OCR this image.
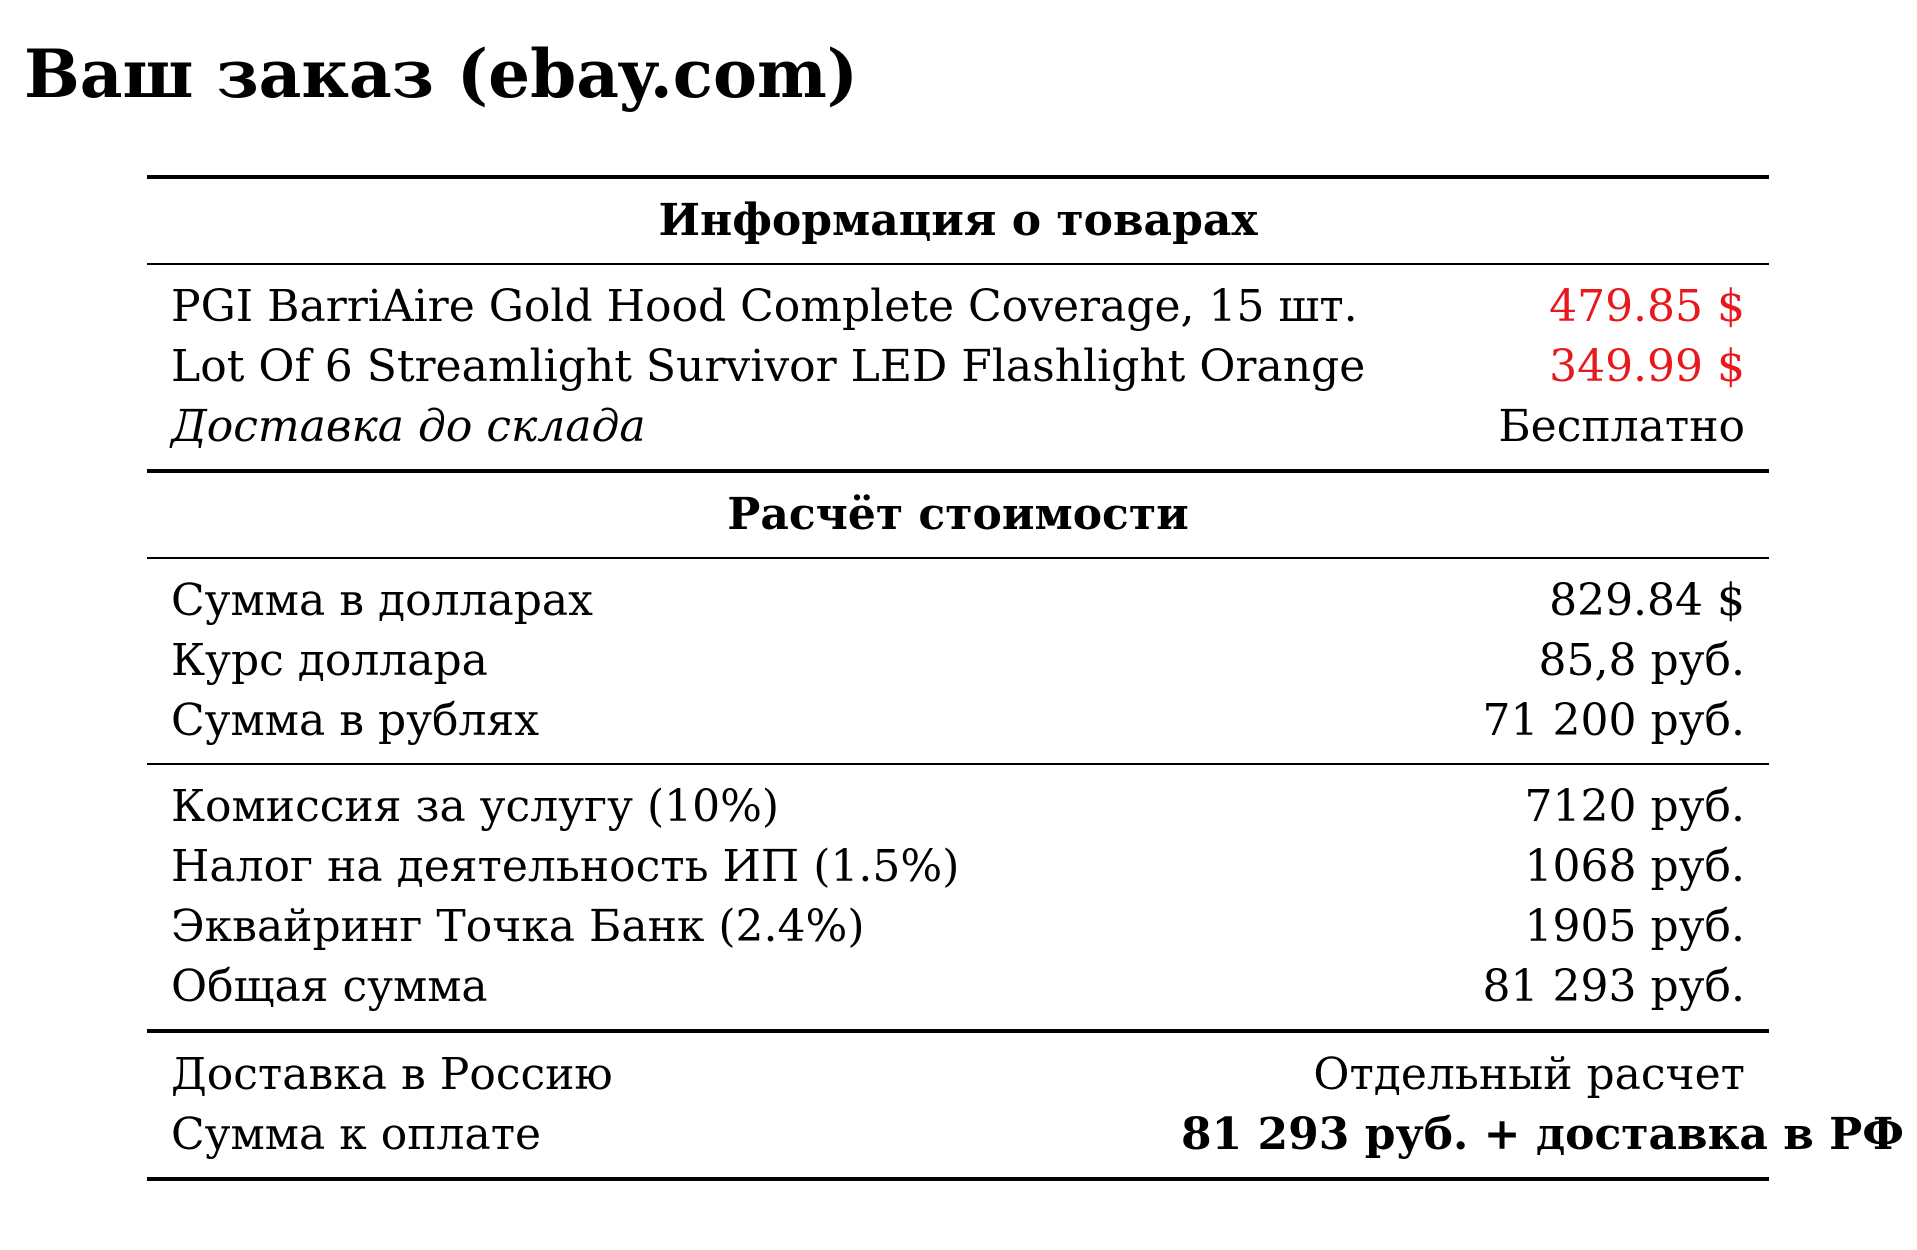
Ваш заказ (ebay.com)
Информация о товарах	
PGI BarriAire Gold Hood Complete Coverage, 15 шт.	479.85 $
Lot Of 6 Streamlight Survivor LED Flashlight Orange	349.99 $
Доставка до склада	Бесплатно
Расчёт стоимости	
Сумма в долларах	829.84 $
Курс доллара	85,8 руб.
Сумма в рублях	71 200 руб.
Комиссия за услугу (10%)	7120 руб.
Налог на деятельность ИП (1.5%)	1068 руб.
Эквайринг Точка Банк (2.4%)	1905 руб.
Общая сумма	81 293 руб.
Доставка в Россию	Отдельный расчет
Сумма к оплате	81 293 руб. + доставка в РФ
